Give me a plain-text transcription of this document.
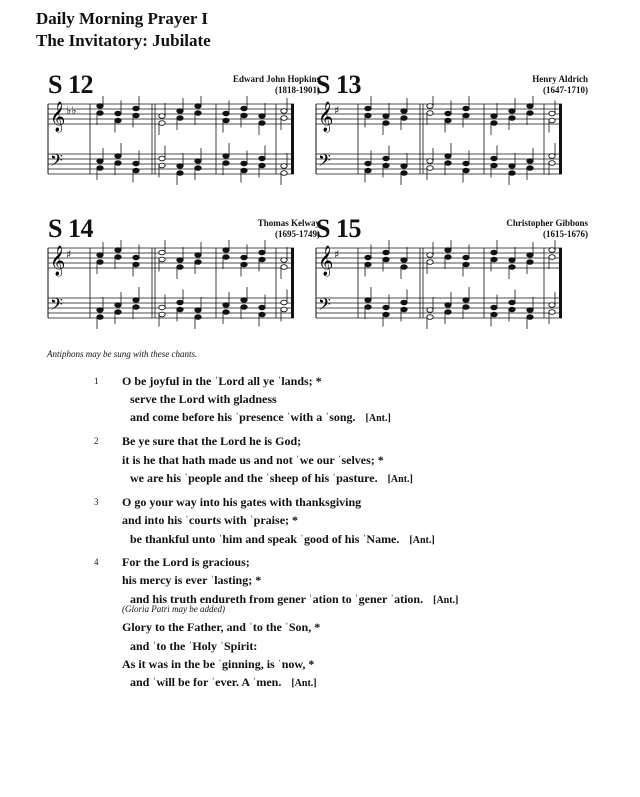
Daily Morning Prayer I
The Invitatory: Jubilate
S 12	Edward John Hopkins
(1818-1901)
𝄞
𝄢
♭♭
S 13	Henry Aldrich
(1647-1710)
𝄞
𝄢
♯
S 14	Thomas Kelway
(1695-1749)
𝄞
𝄢
♯
S 15	Christopher Gibbons
(1615-1676)
𝄞
𝄢
♯
Antiphons may be sung with these chants.
1 O be joyful in the ˈLord all ye ˈlands; *
serve the Lord with gladness
and come before his ˈpresence ˈwith a ˈsong. [Ant.]
2 Be ye sure that the Lord he is God;
it is he that hath made us and not ˈwe our ˈselves; *
we are his ˈpeople and the ˈsheep of his ˈpasture. [Ant.]
3 O go your way into his gates with thanksgiving
and into his ˈcourts with ˈpraise; *
be thankful unto ˈhim and speak ˈgood of his ˈName. [Ant.]
4 For the Lord is gracious;
his mercy is ever ˈlasting; *
and his truth endureth from gener ˈation to ˈgener ˈation. [Ant.]
(Gloria Patri may be added)
Glory to the Father, and ˈto the ˈSon, *
and ˈto the ˈHoly ˈSpirit:
As it was in the be ˈginning, is ˈnow, *
and ˈwill be for ˈever. A ˈmen. [Ant.]
